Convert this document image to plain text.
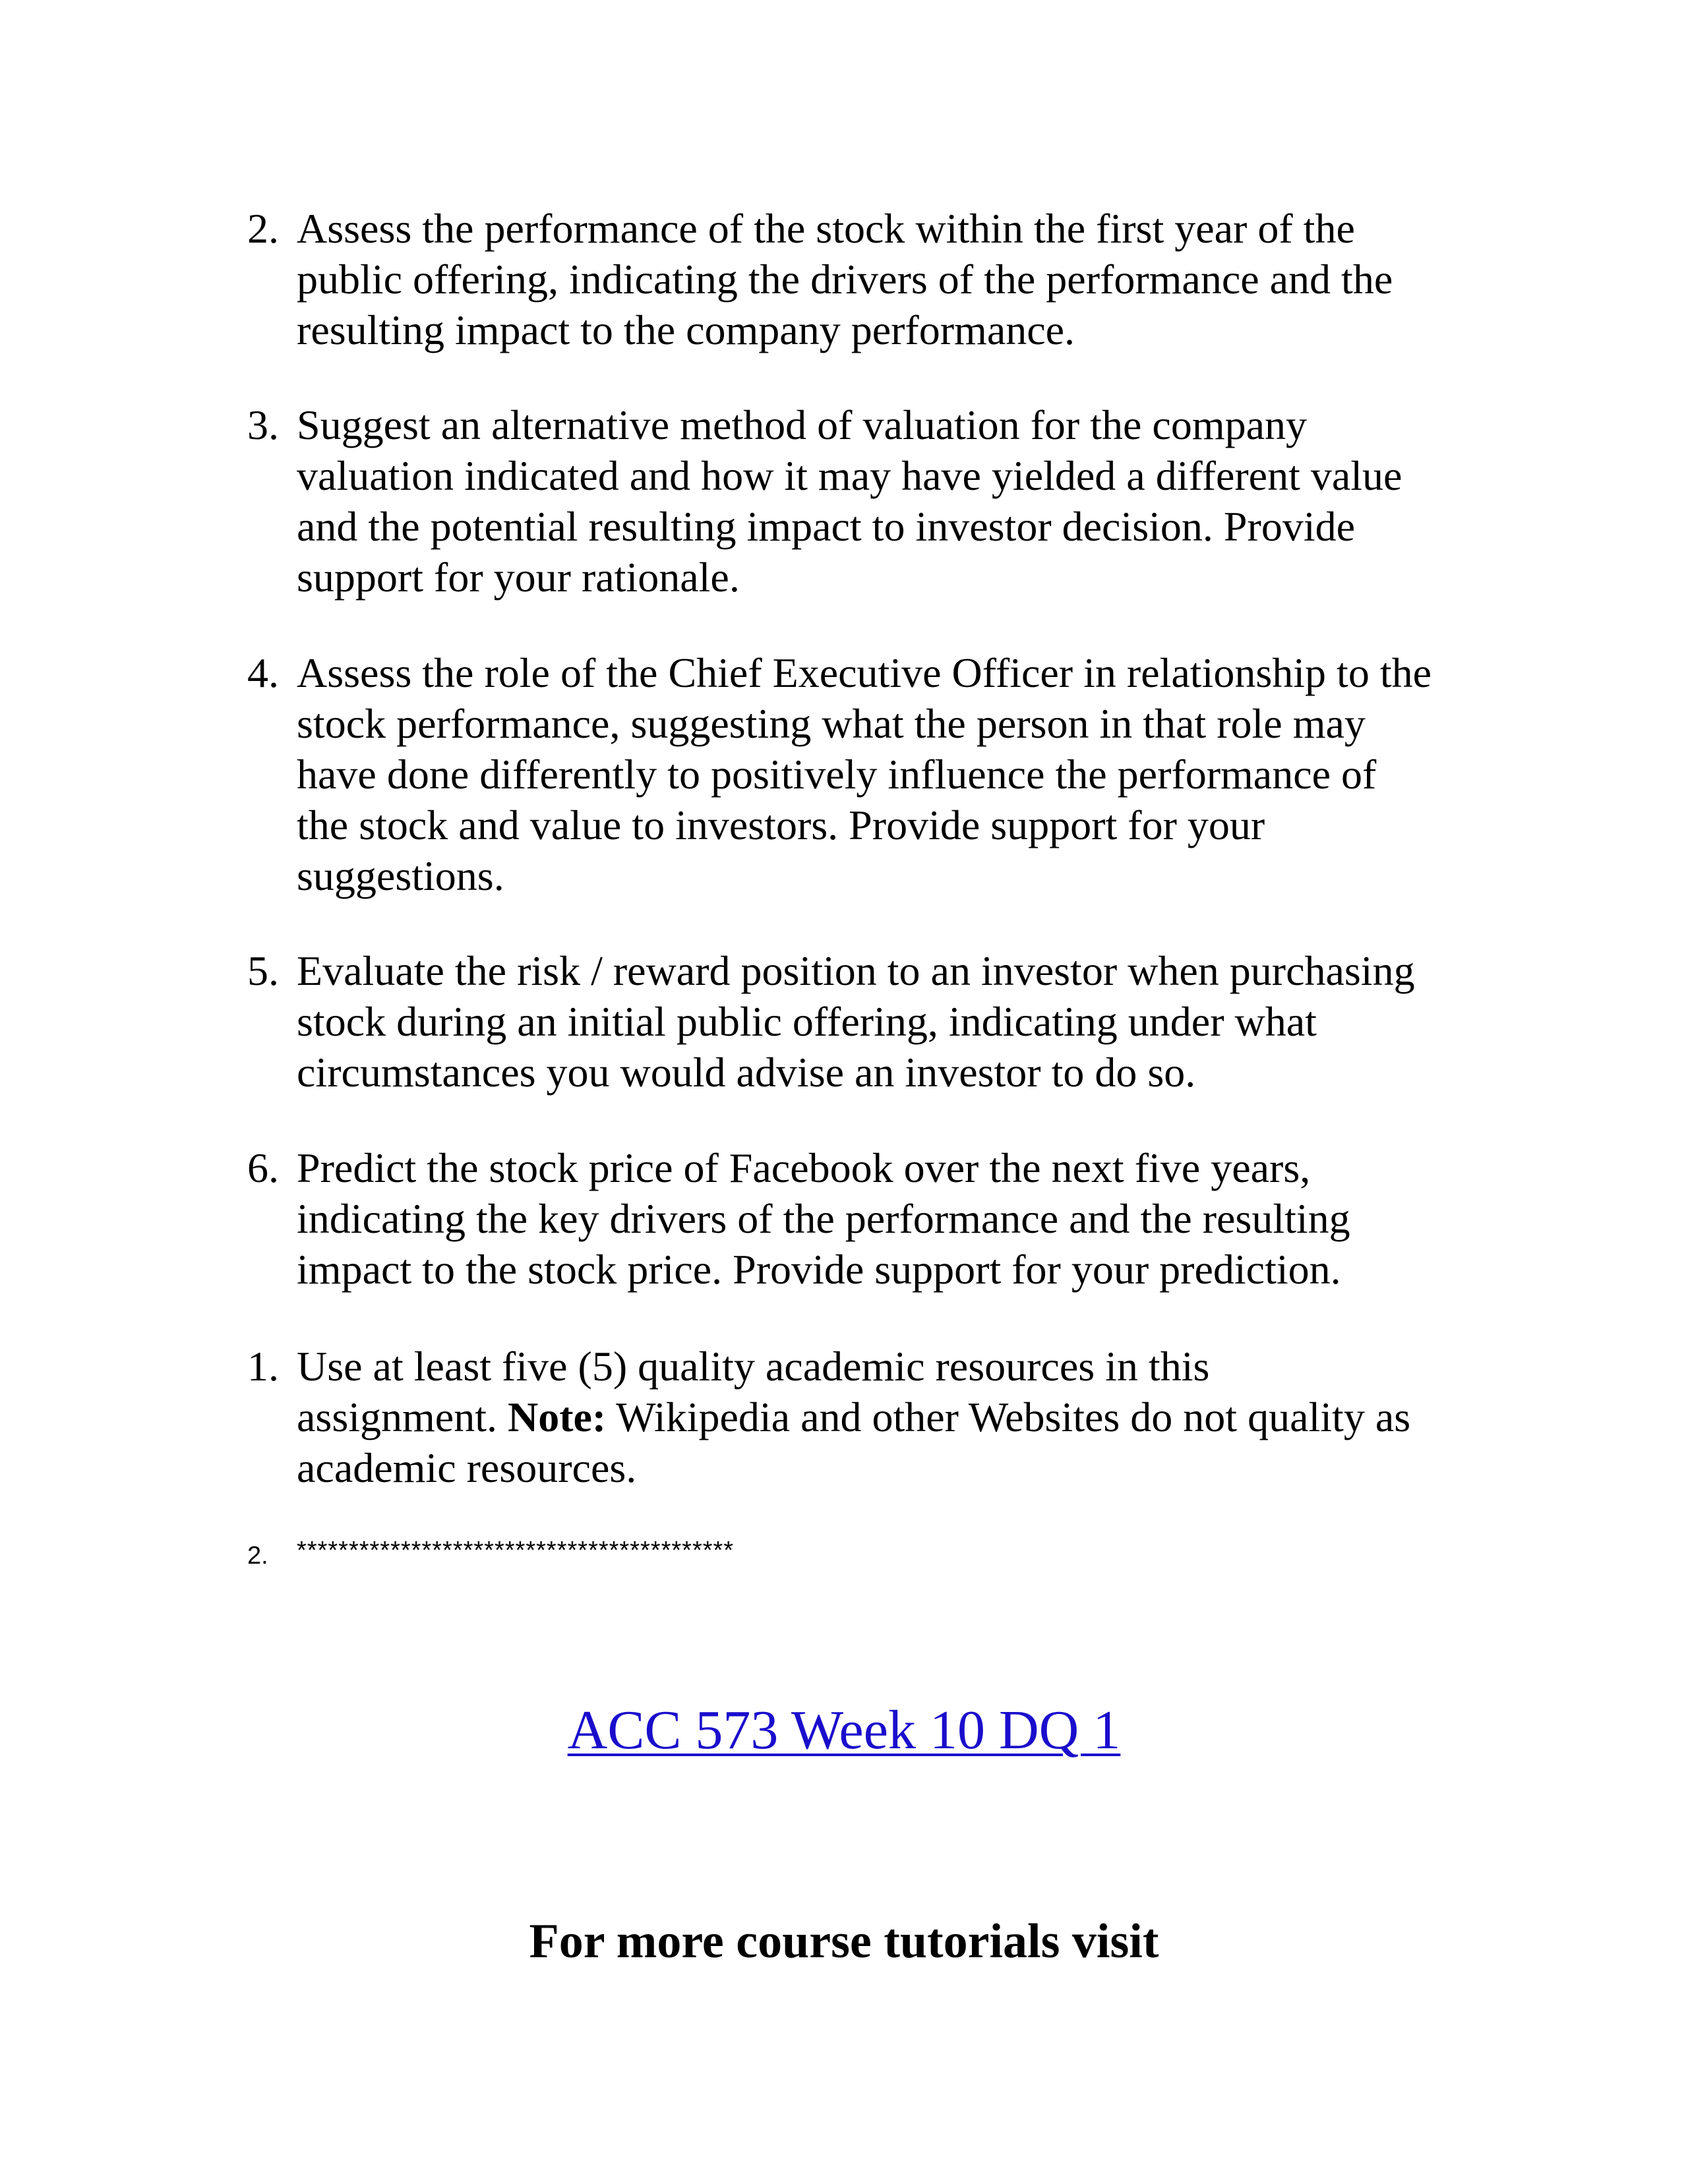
2. Assess the performance of the stock within the first year of the
public offering, indicating the drivers of the performance and the
resulting impact to the company performance.
3. Suggest an alternative method of valuation for the company
valuation indicated and how it may have yielded a different value
and the potential resulting impact to investor decision. Provide
support for your rationale.
4. Assess the role of the Chief Executive Officer in relationship to the
stock performance, suggesting what the person in that role may
have done differently to positively influence the performance of
the stock and value to investors. Provide support for your
suggestions.
5. Evaluate the risk / reward position to an investor when purchasing
stock during an initial public offering, indicating under what
circumstances you would advise an investor to do so.
6. Predict the stock price of Facebook over the next five years,
indicating the key drivers of the performance and the resulting
impact to the stock price. Provide support for your prediction.
1. Use at least five (5) quality academic resources in this
assignment. Note: Wikipedia and other Websites do not quality as
academic resources.
2. ******************************************
ACC 573 Week 10 DQ 1
For more course tutorials visit
